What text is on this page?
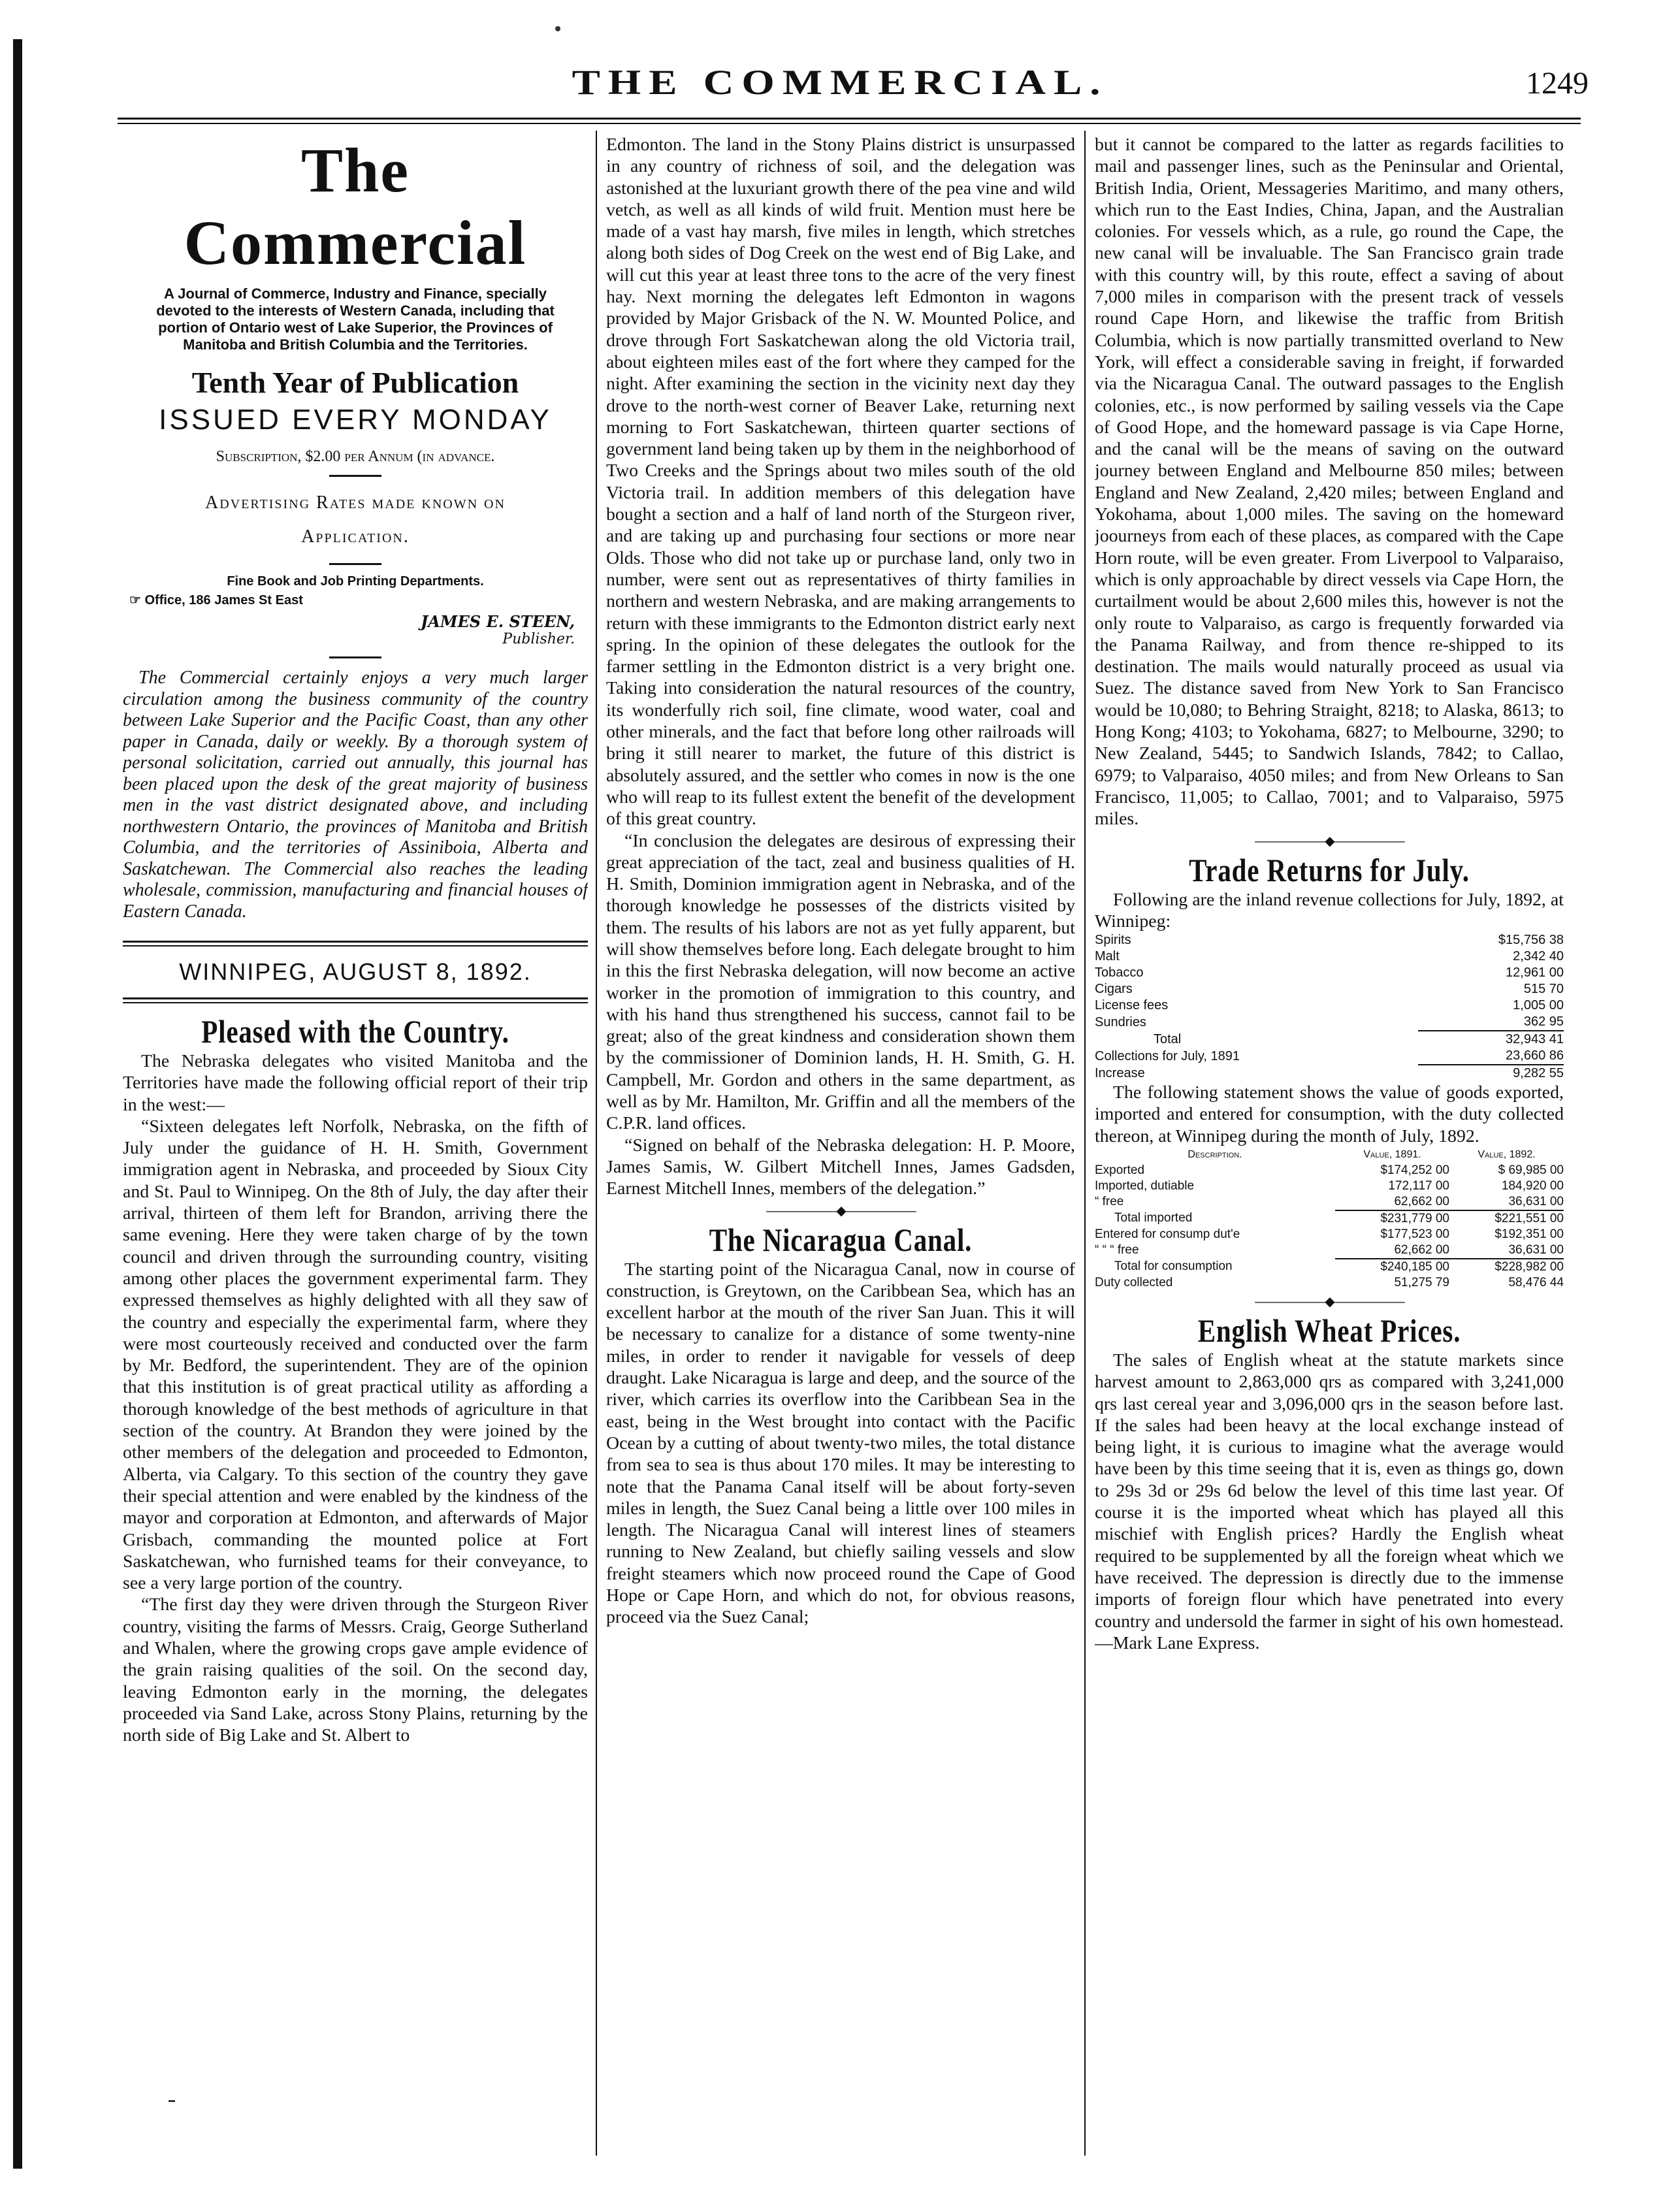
THE COMMERCIAL.	1249
The Commercial
A Journal of Commerce, Industry and Finance, specially devoted to the interests of Western Canada, including that portion of Ontario west of Lake Superior, the Provinces of Manitoba and British Columbia and the Territories.
Tenth Year of Publication
ISSUED EVERY MONDAY
Subscription, $2.00 per Annum (in advance.
Advertising Rates made known on
Application.
Fine Book and Job Printing Departments.
☞ Office, 186 James St East
JAMES E. STEEN,
Publisher.

The Commercial certainly enjoys a very much larger circulation among the business community of the country between Lake Superior and the Pacific Coast, than any other paper in Canada, daily or weekly. By a thorough system of personal solicitation, carried out annually, this journal has been placed upon the desk of the great majority of business men in the vast district designated above, and including northwestern Ontario, the provinces of Manitoba and British Columbia, and the territories of Assiniboia, Alberta and Saskatchewan. The Commercial also reaches the leading wholesale, commission, manufacturing and financial houses of Eastern Canada.

WINNIPEG, AUGUST 8, 1892.
Pleased with the Country.

The Nebraska delegates who visited Manitoba and the Territories have made the following official report of their trip in the west:—

“Sixteen delegates left Norfolk, Nebraska, on the fifth of July under the guidance of H. H. Smith, Government immigration agent in Nebraska, and proceeded by Sioux City and St. Paul to Winnipeg. On the 8th of July, the day after their arrival, thirteen of them left for Brandon, arriving there the same evening. Here they were taken charge of by the town council and driven through the surrounding country, visiting among other places the government experimental farm. They expressed themselves as highly delighted with all they saw of the country and especially the experimental farm, where they were most courteously received and conducted over the farm by Mr. Bedford, the superintendent. They are of the opinion that this institution is of great practical utility as affording a thorough knowledge of the best methods of agriculture in that section of the country. At Brandon they were joined by the other members of the delegation and proceeded to Edmonton, Alberta, via Calgary. To this section of the country they gave their special attention and were enabled by the kindness of the mayor and corporation at Edmonton, and afterwards of Major Grisbach, commanding the mounted police at Fort Saskatchewan, who furnished teams for their conveyance, to see a very large portion of the country.

“The first day they were driven through the Sturgeon River country, visiting the farms of Messrs. Craig, George Sutherland and Whalen, where the growing crops gave ample evidence of the grain raising qualities of the soil. On the second day, leaving Edmonton early in the morning, the delegates proceeded via Sand Lake, across Stony Plains, returning by the north side of Big Lake and St. Albert to

Edmonton. The land in the Stony Plains district is unsurpassed in any country of richness of soil, and the delegation was astonished at the luxuriant growth there of the pea vine and wild vetch, as well as all kinds of wild fruit. Mention must here be made of a vast hay marsh, five miles in length, which stretches along both sides of Dog Creek on the west end of Big Lake, and will cut this year at least three tons to the acre of the very finest hay. Next morning the delegates left Edmonton in wagons provided by Major Grisback of the N. W. Mounted Police, and drove through Fort Saskatchewan along the old Victoria trail, about eighteen miles east of the fort where they camped for the night. After examining the section in the vicinity next day they drove to the north-west corner of Beaver Lake, returning next morning to Fort Saskatchewan, thirteen quarter sections of government land being taken up by them in the neighborhood of Two Creeks and the Springs about two miles south of the old Victoria trail. In addition members of this delegation have bought a section and a half of land north of the Sturgeon river, and are taking up and purchasing four sections or more near Olds. Those who did not take up or purchase land, only two in number, were sent out as representatives of thirty families in northern and western Nebraska, and are making arrangements to return with these immigrants to the Edmonton district early next spring. In the opinion of these delegates the outlook for the farmer settling in the Edmonton district is a very bright one. Taking into consideration the natural resources of the country, its wonderfully rich soil, fine climate, wood water, coal and other minerals, and the fact that before long other railroads will bring it still nearer to market, the future of this district is absolutely assured, and the settler who comes in now is the one who will reap to its fullest extent the benefit of the development of this great country.

“In conclusion the delegates are desirous of expressing their great appreciation of the tact, zeal and business qualities of H. H. Smith, Dominion immigration agent in Nebraska, and of the thorough knowledge he possesses of the districts visited by them. The results of his labors are not as yet fully apparent, but will show themselves before long. Each delegate brought to him in this the first Nebraska delegation, will now become an active worker in the promotion of immigration to this country, and with his hand thus strengthened his success, cannot fail to be great; also of the great kindness and consideration shown them by the commissioner of Dominion lands, H. H. Smith, G. H. Campbell, Mr. Gordon and others in the same department, as well as by Mr. Hamilton, Mr. Griffin and all the members of the C.P.R. land offices.

“Signed on behalf of the Nebraska delegation: H. P. Moore, James Samis, W. Gilbert Mitchell Innes, James Gadsden, Earnest Mitchell Innes, members of the delegation.”

——————◆——————
The Nicaragua Canal.

The starting point of the Nicaragua Canal, now in course of construction, is Greytown, on the Caribbean Sea, which has an excellent harbor at the mouth of the river San Juan. This it will be necessary to canalize for a distance of some twenty-nine miles, in order to render it navigable for vessels of deep draught. Lake Nicaragua is large and deep, and the source of the river, which carries its overflow into the Caribbean Sea in the east, being in the West brought into contact with the Pacific Ocean by a cutting of about twenty-two miles, the total distance from sea to sea is thus about 170 miles. It may be interesting to note that the Panama Canal itself will be about forty-seven miles in length, the Suez Canal being a little over 100 miles in length. The Nicaragua Canal will interest lines of steamers running to New Zealand, but chiefly sailing vessels and slow freight steamers which now proceed round the Cape of Good Hope or Cape Horn, and which do not, for obvious reasons, proceed via the Suez Canal;

but it cannot be compared to the latter as regards facilities to mail and passenger lines, such as the Peninsular and Oriental, British India, Orient, Messageries Maritimo, and many others, which run to the East Indies, China, Japan, and the Australian colonies. For vessels which, as a rule, go round the Cape, the new canal will be invaluable. The San Francisco grain trade with this country will, by this route, effect a saving of about 7,000 miles in comparison with the present track of vessels round Cape Horn, and likewise the traffic from British Columbia, which is now partially transmitted overland to New York, will effect a considerable saving in freight, if forwarded via the Nicaragua Canal. The outward passages to the English colonies, etc., is now performed by sailing vessels via the Cape of Good Hope, and the homeward passage is via Cape Horne, and the canal will be the means of saving on the outward journey between England and Melbourne 850 miles; between England and New Zealand, 2,420 miles; between England and Yokohama, about 1,000 miles. The saving on the homeward joourneys from each of these places, as compared with the Cape Horn route, will be even greater. From Liverpool to Valparaiso, which is only approachable by direct vessels via Cape Horn, the curtailment would be about 2,600 miles this, however is not the only route to Valparaiso, as cargo is frequently forwarded via the Panama Railway, and from thence re-shipped to its destination. The mails would naturally proceed as usual via Suez. The distance saved from New York to San Francisco would be 10,080; to Behring Straight, 8218; to Alaska, 8613; to Hong Kong; 4103; to Yokohama, 6827; to Melbourne, 3290; to New Zealand, 5445; to Sandwich Islands, 7842; to Callao, 6979; to Valparaiso, 4050 miles; and from New Orleans to San Francisco, 11,005; to Callao, 7001; and to Valparaiso, 5975 miles.

——————◆——————
Trade Returns for July.

Following are the inland revenue collections for July, 1892, at Winnipeg:

Spirits	$15,756 38
Malt	2,342 40
Tobacco	12,961 00
Cigars	515 70
License fees	1,005 00
Sundries	362 95
Total	32,943 41
Collections for July, 1891	23,660 86
Increase	9,282 55

The following statement shows the value of goods exported, imported and entered for consumption, with the duty collected thereon, at Winnipeg during the month of July, 1892.

Description.	Value, 1891.	Value, 1892.
Exported	$174,252 00	$ 69,985 00
Imported, dutiable	172,117 00	184,920 00
“ free	62,662 00	36,631 00
Total imported	$231,779 00	$221,551 00
Entered for consump dut'e	$177,523 00	$192,351 00
“ “ “ free	62,662 00	36,631 00
Total for consumption	$240,185 00	$228,982 00
Duty collected	51,275 79	58,476 44
——————◆——————
English Wheat Prices.

The sales of English wheat at the statute markets since harvest amount to 2,863,000 qrs as compared with 3,241,000 qrs last cereal year and 3,096,000 qrs in the season before last. If the sales had been heavy at the local exchange instead of being light, it is curious to imagine what the average would have been by this time seeing that it is, even as things go, down to 29s 3d or 29s 6d below the level of this time last year. Of course it is the imported wheat which has played all this mischief with English prices? Hardly the English wheat required to be supplemented by all the foreign wheat which we have received. The depression is directly due to the immense imports of foreign flour which have penetrated into every country and undersold the farmer in sight of his own homestead.—Mark Lane Express.
